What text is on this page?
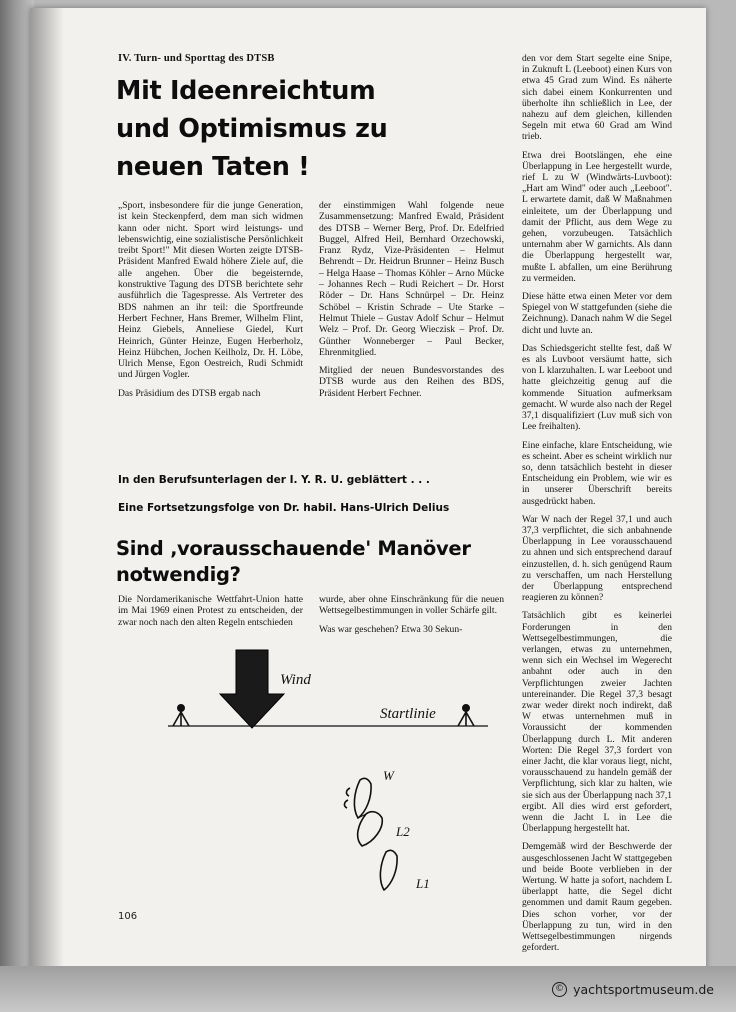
IV. Turn- und Sporttag des DTSB
Mit Ideenreichtum
und Optimismus zu neuen Taten !

„Sport, insbesondere für die junge Generation, ist kein Steckenpferd, dem man sich widmen kann oder nicht. Sport wird leistungs- und lebenswichtig, eine sozialistische Persönlichkeit treibt Sport!" Mit diesen Worten zeigte DTSB-Präsident Manfred Ewald höhere Ziele auf, die alle angehen. Über die begeisternde, konstruktive Tagung des DTSB berichtete sehr ausführlich die Tagespresse. Als Vertreter des BDS nahmen an ihr teil: die Sportfreunde Herbert Fechner, Hans Bremer, Wilhelm Flint, Heinz Giebels, Anneliese Giedel, Kurt Heinrich, Günter Heinze, Eugen Herberholz, Heinz Hübchen, Jochen Keilholz, Dr. H. Löbe, Ulrich Mense, Egon Oestreich, Rudi Schmidt und Jürgen Vogler.

Das Präsidium des DTSB ergab nach

der einstimmigen Wahl folgende neue Zusammensetzung: Manfred Ewald, Präsident des DTSB – Werner Berg, Prof. Dr. Edelfried Buggel, Alfred Heil, Bernhard Orzechowski, Franz Rydz, Vize-Präsidenten – Helmut Behrendt – Dr. Heidrun Brunner – Heinz Busch – Helga Haase – Thomas Köhler – Arno Mücke – Johannes Rech – Rudi Reichert – Dr. Horst Röder – Dr. Hans Schnürpel – Dr. Heinz Schöbel – Kristin Schrade – Ute Starke – Helmut Thiele – Gustav Adolf Schur – Helmut Welz – Prof. Dr. Georg Wieczisk – Prof. Dr. Günther Wonneberger – Paul Becker, Ehrenmitglied.

Mitglied der neuen Bundesvorstandes des DTSB wurde aus den Reihen des BDS, Präsident Herbert Fechner.

In den Berufsunterlagen der I. Y. R. U. geblättert . . .
Eine Fortsetzungsfolge von Dr. habil. Hans-Ulrich Delius
Sind ‚vorausschauende' Manöver notwendig?

Die Nordamerikanische Wettfahrt-Union hatte im Mai 1969 einen Protest zu entscheiden, der zwar noch nach den alten Regeln entschieden

wurde, aber ohne Einschränkung für die neuen Wettsegelbestimmungen in voller Schärfe gilt.

Was war geschehen? Etwa 30 Sekun-

den vor dem Start segelte eine Snipe, in Zuknuft L (Leeboot) einen Kurs von etwa 45 Grad zum Wind. Es näherte sich dabei einem Konkurrenten und überholte ihn schließlich in Lee, der nahezu auf dem gleichen, killenden Segeln mit etwa 60 Grad am Wind trieb.

Etwa drei Bootslängen, ehe eine Überlappung in Lee hergestellt wurde, rief L zu W (Windwärts-Luvboot): „Hart am Wind" oder auch „Leeboot". L erwartete damit, daß W Maßnahmen einleitete, um der Überlappung und damit der Pflicht, aus dem Wege zu gehen, vorzubeugen. Tatsächlich unternahm aber W garnichts. Als dann die Überlappung hergestellt war, mußte L abfallen, um eine Berührung zu vermeiden.

Diese hätte etwa einen Meter vor dem Spiegel von W stattgefunden (siehe die Zeichnung). Danach nahm W die Segel dicht und luvte an.

Das Schiedsgericht stellte fest, daß W es als Luvboot versäumt hatte, sich von L klarzuhalten. L war Leeboot und hatte gleichzeitig genug auf die kommende Situation aufmerksam gemacht. W wurde also nach der Regel 37,1 disqualifiziert (Luv muß sich von Lee freihalten).

Eine einfache, klare Entscheidung, wie es scheint. Aber es scheint wirklich nur so, denn tatsächlich besteht in dieser Entscheidung ein Problem, wie wir es in unserer Überschrift bereits ausgedrückt haben.

War W nach der Regel 37,1 und auch 37,3 verpflichtet, die sich anbahnende Überlappung in Lee vorausschauend zu ahnen und sich entsprechend darauf einzustellen, d. h. sich genügend Raum zu verschaffen, um nach Herstellung der Überlappung entsprechend reagieren zu können?

Tatsächlich gibt es keinerlei Forderungen in den Wettsegelbestimmungen, die verlangen, etwas zu unternehmen, wenn sich ein Wechsel im Wegerecht anbahnt oder auch in den Verpflichtungen zweier Jachten untereinander. Die Regel 37,3 besagt zwar weder direkt noch indirekt, daß W etwas unternehmen muß in Voraussicht der kommenden Überlappung durch L. Mit anderen Worten: Die Regel 37,3 fordert von einer Jacht, die klar voraus liegt, nicht, vorausschauend zu handeln gemäß der Verpflichtung, sich klar zu halten, wie sie sich aus der Überlappung nach 37,1 ergibt. All dies wird erst gefordert, wenn die Jacht L in Lee die Überlappung hergestellt hat.

Demgemäß wird der Beschwerde der ausgeschlossenen Jacht W stattgegeben und beide Boote verblieben in der Wertung. W hatte ja sofort, nachdem L überlappt hatte, die Segel dicht genommen und damit Raum gegeben. Dies schon vorher, vor der Überlappung zu tun, wird in den Wettsegelbestimmungen nirgends gefordert.

Wind
Startlinie
W
L2
L1
106
© yachtsportmuseum.de
